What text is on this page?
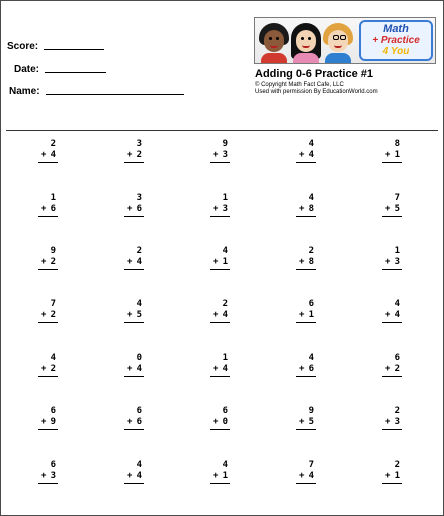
Score:
Date:
Name:
Math
+ Practice
4 You
Adding 0-6 Practice #1
© Copyright Math Fact Cafe, LLC
Used with permission By EducationWorld.com
2
+ 4
3
+ 2
9
+ 3
4
+ 4
8
+ 1
1
+ 6
3
+ 6
1
+ 3
4
+ 8
7
+ 5
9
+ 2
2
+ 4
4
+ 1
2
+ 8
1
+ 3
7
+ 2
4
+ 5
2
+ 4
6
+ 1
4
+ 4
4
+ 2
0
+ 4
1
+ 4
4
+ 6
6
+ 2
6
+ 9
6
+ 6
6
+ 0
9
+ 5
2
+ 3
6
+ 3
4
+ 4
4
+ 1
7
+ 4
2
+ 1
